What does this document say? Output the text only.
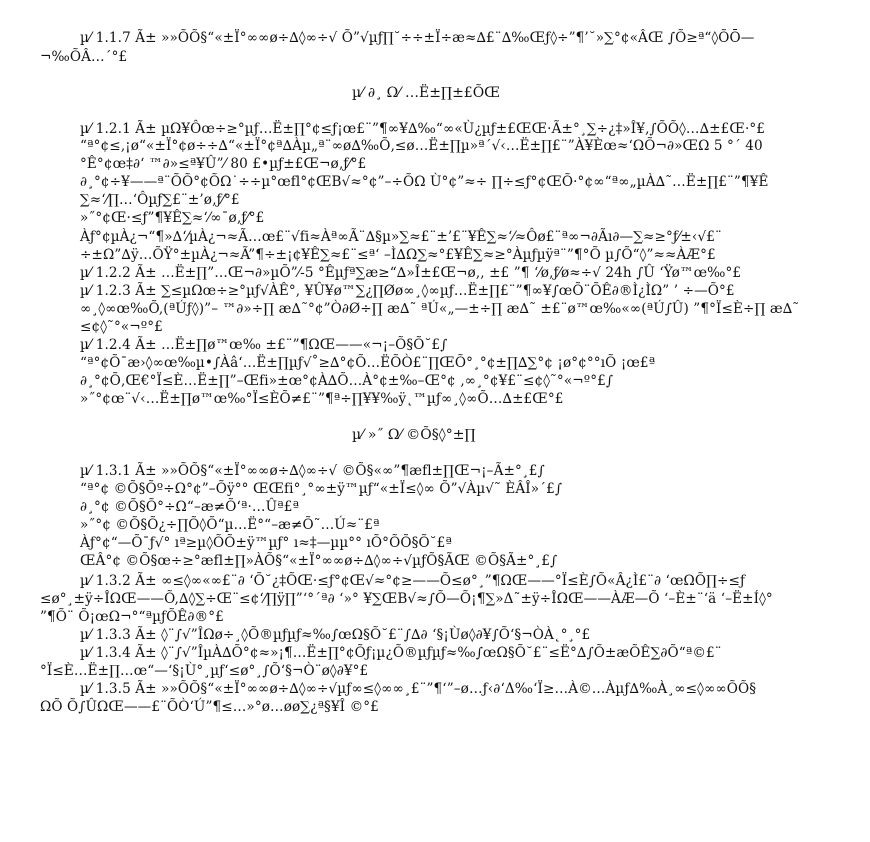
µ⁄ 1.1.7 Ã± »»ÕÕ§“«±Ï°∞∞ø÷∆◊∞÷√ Õ”√µƒ∏˘÷÷±Ï÷æ≈∆£¨∆‰Œƒ◊÷”¶’˘»∑°¢«ÂŒ ∫Õ≥ª“◊ÕŌ—
¬‰ÕÂ…´°£
µ⁄ ∂¸ Ω⁄ …Ë±∏±£ÕŒ
µ⁄ 1.2.1 Ã± µΩ¥Ôœ÷≥°µƒ…Ë±∏°¢≤ƒ¡œ£¨”¶∞¥∆‰“∞«Ù¿µƒ±£ŒŒ·Ã±°¸∑÷¿‡»Î¥‚∫ÕÕ◊…∆±£Œ·°£
“ª°¢≤‚¡ø“«±Ï°¢ø÷÷∆“«±Ï°¢ª∆Àµ„ª¨∞ø∆‰Õ‚≤ø…Ë±∏µ»ª´√‹…Ë±∏£¨”À¥Èœ≈‘ΩÕ¬∂»ŒΩ 5 °´ 40
°Ê°¢œ‡∂‘ ™∂»≤ª¥Û”⁄ 80 £•µƒ±£Œ¬ø‚ƒ⁄°£
∂¸°¢÷¥——ª¨ÕÕ°¢ÕΩ˙÷÷µ°œfl°¢ŒB√≈°¢”–÷ÕΩ Ù°¢”≈÷ ∏÷≤ƒ°¢ŒÕ·°¢∞“ª∞„µÀ∆˜…Ë±∏£¨”¶¥Ê
∑≈‘⁄∏…‘Ôµƒ∑£¨±’ø‚ƒ⁄°£
»˝°¢Œ·≤ƒ”¶¥Ê∑≈‘⁄∞¯ø‚ƒ⁄°£
Àƒ°¢µÀ¿¬“¶»∆‘⁄µÀ¿¬≈Ã…œ£¨√fi≈Àª∞Ã¨∆§µ»∑≈£¨±’£¨¥Ê∑≈‘⁄≈Ôø£¨ª∞¬∂Ãı∂—∑≈≥°ƒ⁄±‹√£¨
÷±Ω”∆ÿ…ÕŸ°±µÀ¿¬≈Ã”¶÷±¡¢¥Ê∑≈£¨≤ª‘ –Ì∆Ω∑≈°£¥Ê∑≈≥°Àµƒµÿª¨”¶°Õ µ∫Õ“◊”≈≈ÀÆ°£
µ⁄ 1.2.2 Ã± …Ë±∏”…Œ¬∂»µÕ”⁄-5 °Êµƒª∑æ≥“∆»Î±£Œ¬ø‚, ±£ ”¶ ‘⁄ø‚ƒ⁄ø≈÷√ 24h ∫Û ‘Ÿø™œ‰°£
µ⁄ 1.2.3 Ã± ∑≤µΩœ÷≥°µƒ√ÀÊ°, ¥Û¥ø™∑¿∏Øø∞¸◊∞µƒ…Ë±∏£¨”¶∞¥∫œÕ¨ÕÊ∂®Ì¿ÌΩ” ’ ÷—Õ°£
∞¸◊∞œ‰Õ,(ªÚƒ◊)”– ™∂»÷∏ æ∆˜°¢”Ò∂Ø÷∏ æ∆˜ ªÚ«„—±÷∏ æ∆˜ ±£¨ø™œ‰«∞(ªÚ∫Û) ”¶°Ï≤È÷∏ æ∆˜
≤¢◊˜°«¬º°£
µ⁄ 1.2.4 Ã± …Ë±∏ø™œ‰ ±£¨”¶ΩŒ——«¬¡–Õ§Õ˘£∫
“ª°¢Õ¯æ›◊∞œ‰µ•∫Àâ‘…Ë±∏µƒ√˚≥∆°¢Õ…ËÕÒ£¨∏ŒÕ°¸°¢±∏∆∑°¢ ¡ø°¢°°ıÕ ¡œ£ª
∂¸°¢Õ‚Œ€°Ï≤È…Ë±∏”–Œfi»±œ°¢À∆Õ…À°¢±‰–Œ°¢ ‚∞¸°¢¥£¨≤¢◊˜°«¬º°£∫
»˝°¢œ¨√‹…Ë±∏ø™œ‰°Ï≤ÈÕ≠£¨”¶ª÷∏¥¥‰ÿ˛™µƒ∞¸◊∞Õ…∆±£Œ°£
µ⁄ »˝ Ω⁄ ©Õ§◊°±∏
µ⁄ 1.3.1 Ã± »»ÕÕ§“«±Ï°∞∞ø÷∆◊∞÷√ ©Õ§«∞”¶æfl±∏Œ¬¡–Ã±°¸£∫
“ª°¢ ©Õ§Õº÷Ω°¢”–Õÿ°° ŒŒfi°¸°∞±ÿ™µƒ“«±Ï≤◊∞ Õ”√Àµ√˜ ÈÂÎ»´£∫
∂¸°¢ ©Õ§Õ°÷Ω“–æ≠Õ‘ª·…Ûª£ª
»˝°¢ ©Õ§Õ¿÷∏Õ◊Õ“µ…Ë°“–æ≠Õ˜…Ú≈¨£ª
Àƒ°¢“—Õ¯ƒ√° ıª≥µ◊ÕÕ±ÿ™µƒ° ı≈‡—µµ°° ıÕ°ÕÕ§Õ˘£ª
ŒÂ°¢ ©Õ§œ÷≥°æfl±∏»ÀÕ§“«±Ï°∞∞ø÷∆◊∞÷√µƒÕ§ÃŒ ©Õ§Ã±°¸£∫
µ⁄ 1.3.2 Ã± ∞≤◊∞«∞£¨∂ ‘Õ˘¿‡ÕŒ·≤ƒ°¢Œ√≈°¢≥——Õ≤ø°¸”¶ΩŒ——°Ï≤È∫Õ«Â¿Ì£¨∂ ‘œΩÕ∏÷≤ƒ
≤ø°¸±ÿ÷ÎΩŒ——Õ,∆◊∑÷Œ¨≤¢‘⁄∏ÿ∏”‘°´ª∂ ‘»° ¥∑ŒB√≈∫Õ—Õ¡¶∑»Δ˜±ÿ÷ÎΩŒ——ÀÆ—Õ ‘–È±¨‘ä ‘–Ë±Í◊°
”¶Õ¨ Õ¡œΩ¬°“ªµƒÕÊ∂®°£
µ⁄ 1.3.3 Ã± ◊¨∫√”ÎΩø÷¸◊Õ®µƒµƒ≈‰∫œΩ§Õ˘£¨∫∆∂ ‘§¡Ùø◊∂¥∫Õ‘§¬ÒÀ˛°¸°£
µ⁄ 1.3.4 Ã± ◊¨∫√”ÎµÀ∆Õ°¢≈»¡¶…Ë±∏°¢Õƒ¡µ¿Õ®µƒµƒ≈‰∫œΩ§Õ˘£¨≤Ë°∆∫Õ±æÕÊ∑∂Õ“ª©£¨
°Ï≤È…Ë±∏…œ“—‘§¡Ù°¸µƒ‘≤ø°¸∫Õ‘§¬Ò¨ø◊∂¥°£
µ⁄ 1.3.5 Ã± »»ÕÕ§“«±Ï°∞∞ø÷∆◊∞÷√µƒ∞≤◊∞∞¸£¨”¶‘”–ø…ƒ‹∂‘Δ‰‘Ï≥…À©…Àµƒ∆‰À¸∞≤◊∞∞ÕÕ§
ΩÕ Õ∫ÛΩŒ——£¨ÕÒ‘Ú”¶≤…»°ø…øø∑¿ª§¥Î ©°£
